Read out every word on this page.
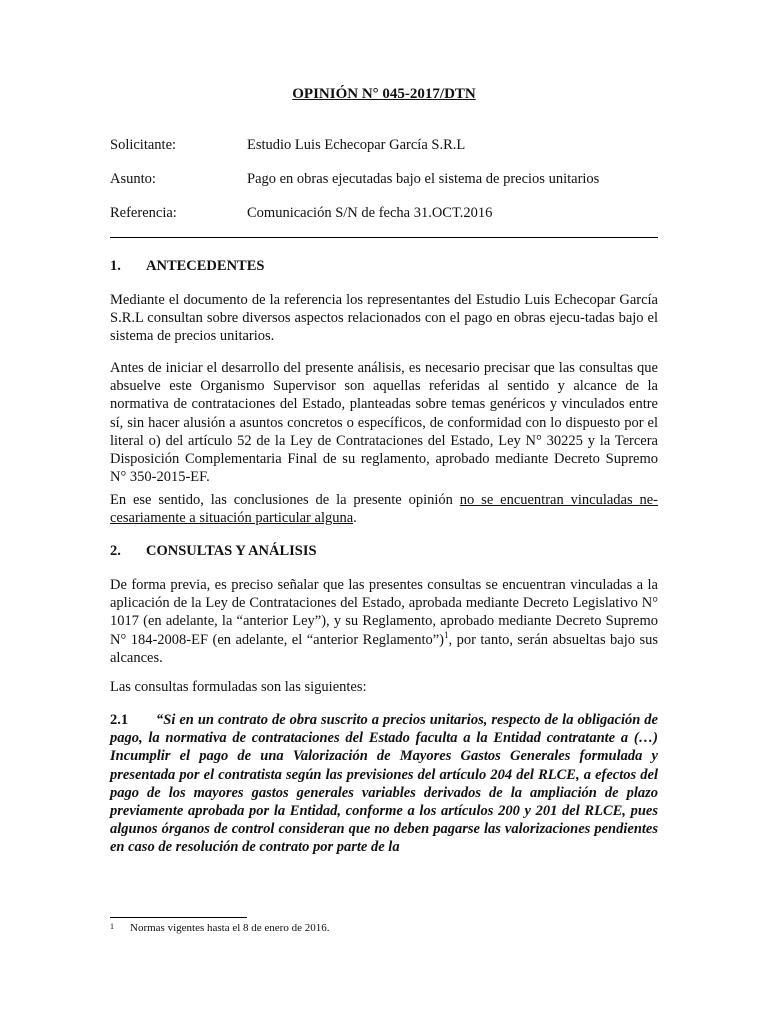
OPINIÓN N° 045-2017/DTN
Solicitante:	Estudio Luis Echecopar García S.R.L
Asunto:	Pago en obras ejecutadas bajo el sistema de precios unitarios
Referencia:	Comunicación S/N de fecha 31.OCT.2016
1. ANTECEDENTES
Mediante el documento de la referencia los representantes del Estudio Luis Echecopar García S.R.L consultan sobre diversos aspectos relacionados con el pago en obras ejecu-tadas bajo el sistema de precios unitarios.
Antes de iniciar el desarrollo del presente análisis, es necesario precisar que las consultas que absuelve este Organismo Supervisor son aquellas referidas al sentido y alcance de la normativa de contrataciones del Estado, planteadas sobre temas genéricos y vinculados entre sí, sin hacer alusión a asuntos concretos o específicos, de conformidad con lo dispuesto por el literal o) del artículo 52 de la Ley de Contrataciones del Estado, Ley N° 30225 y la Tercera Disposición Complementaria Final de su reglamento, aprobado mediante Decreto Supremo N° 350-2015-EF.
En ese sentido, las conclusiones de la presente opinión no se encuentran vinculadas ne-cesariamente a situación particular alguna.
2. CONSULTAS Y ANÁLISIS
De forma previa, es preciso señalar que las presentes consultas se encuentran vinculadas a la aplicación de la Ley de Contrataciones del Estado, aprobada mediante Decreto Legislativo N° 1017 (en adelante, la “anterior Ley”), y su Reglamento, aprobado mediante Decreto Supremo N° 184-2008-EF (en adelante, el “anterior Reglamento”)$^1$, por tanto, serán absueltas bajo sus alcances.
Las consultas formuladas son las siguientes:
2.1 “Si en un contrato de obra suscrito a precios unitarios, respecto de la obligación de pago, la normativa de contrataciones del Estado faculta a la Entidad contratante a (…) Incumplir el pago de una Valorización de Mayores Gastos Generales formulada y presentada por el contratista según las previsiones del artículo 204 del RLCE, a efectos del pago de los mayores gastos generales variables derivados de la ampliación de plazo previamente aprobada por la Entidad, conforme a los artículos 200 y 201 del RLCE, pues algunos órganos de control consideran que no deben pagarse las valorizaciones pendientes en caso de resolución de contrato por parte de la
1 Normas vigentes hasta el 8 de enero de 2016.
